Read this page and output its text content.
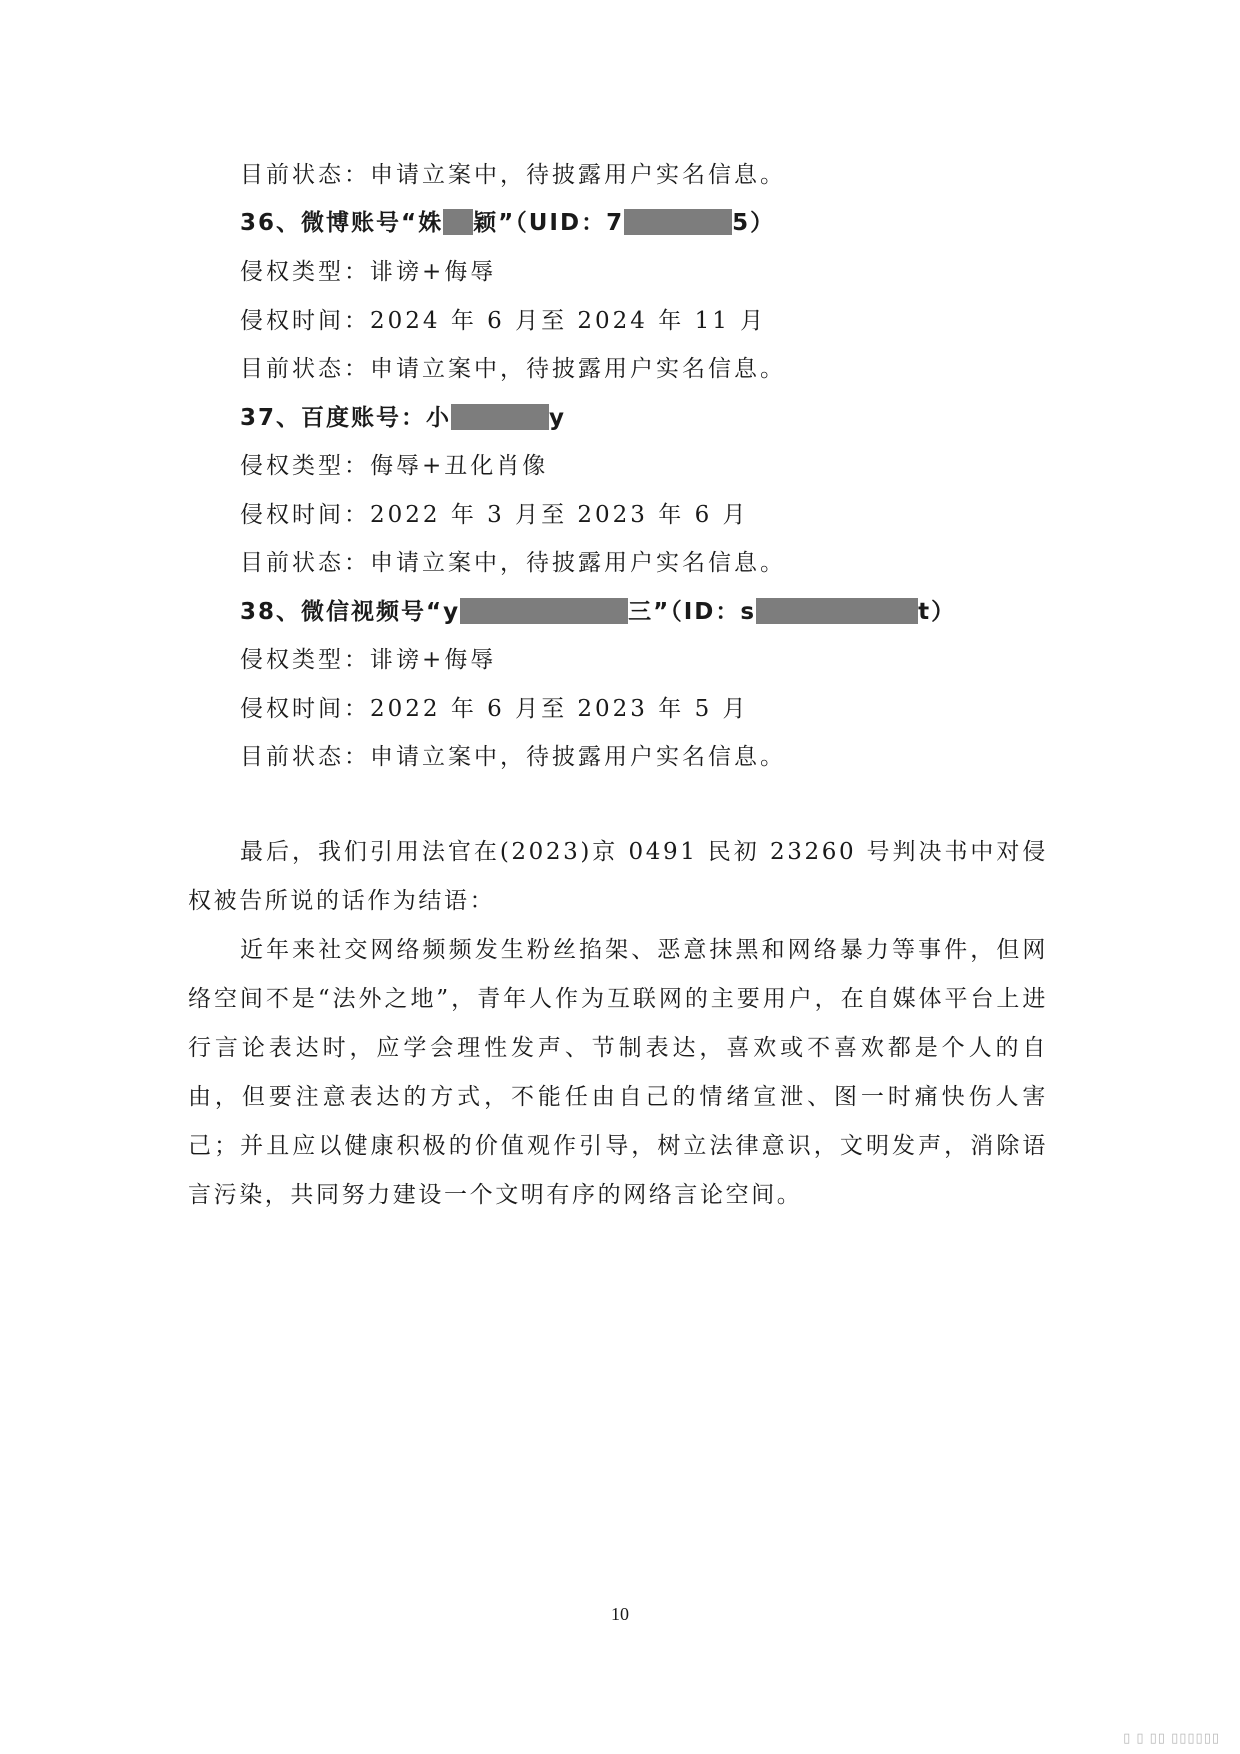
目前状态：申请立案中，待披露用户实名信息。
36、微博账号“姝 颖”（UID：7	5）
侵权类型：诽谤+侮辱
侵权时间：2024 年 6 月至 2024 年 11 月
目前状态：申请立案中，待披露用户实名信息。
37、百度账号：小	y
侵权类型：侮辱+丑化肖像
侵权时间：2022 年 3 月至 2023 年 6 月
目前状态：申请立案中，待披露用户实名信息。
38、微信视频号“y	三”（ID：s	t）
侵权类型：诽谤+侮辱
侵权时间：2022 年 6 月至 2023 年 5 月
目前状态：申请立案中，待披露用户实名信息。
最后，我们引用法官在(2023)京 0491 民初 23260 号判决书中对侵权被告所说的话作为结语：
近年来社交网络频频发生粉丝掐架、恶意抹黑和网络暴力等事件，但网络空间不是“法外之地”，青年人作为互联网的主要用户，在自媒体平台上进行言论表达时，应学会理性发声、节制表达，喜欢或不喜欢都是个人的自由，但要注意表达的方式，不能任由自己的情绪宣泄、图一时痛快伤人害己；并且应以健康积极的价值观作引导，树立法律意识，文明发声，消除语言污染，共同努力建设一个文明有序的网络言论空间。
10
▯ ▯ ▯▯ ▯▯▯▯▯▯
